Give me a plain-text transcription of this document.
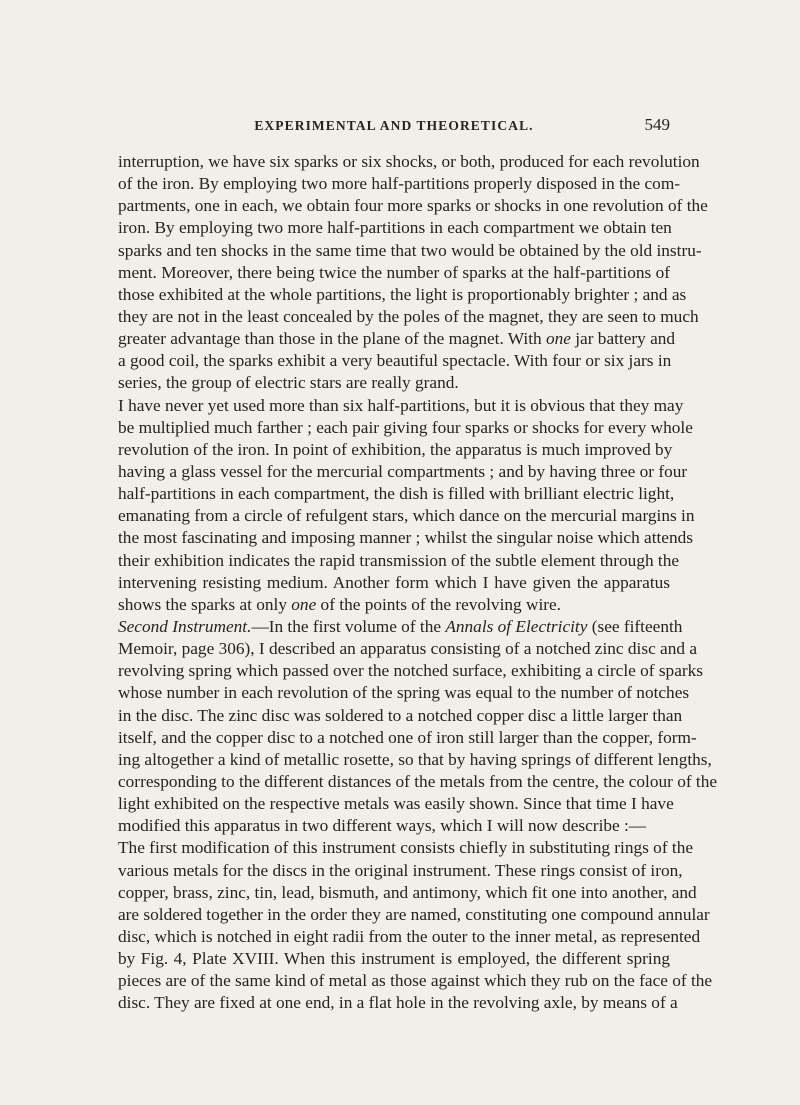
EXPERIMENTAL AND THEORETICAL.	549
interruption, we have six sparks or six shocks, or both, produced for each revolution
of the iron. By employing two more half-partitions properly disposed in the com-
partments, one in each, we obtain four more sparks or shocks in one revolution of the
iron. By employing two more half-partitions in each compartment we obtain ten
sparks and ten shocks in the same time that two would be obtained by the old instru-
ment. Moreover, there being twice the number of sparks at the half-partitions of
those exhibited at the whole partitions, the light is proportionably brighter ; and as
they are not in the least concealed by the poles of the magnet, they are seen to much
greater advantage than those in the plane of the magnet. With one jar battery and
a good coil, the sparks exhibit a very beautiful spectacle. With four or six jars in
series, the group of electric stars are really grand.
I have never yet used more than six half-partitions, but it is obvious that they may
be multiplied much farther ; each pair giving four sparks or shocks for every whole
revolution of the iron. In point of exhibition, the apparatus is much improved by
having a glass vessel for the mercurial compartments ; and by having three or four
half-partitions in each compartment, the dish is filled with brilliant electric light,
emanating from a circle of refulgent stars, which dance on the mercurial margins in
the most fascinating and imposing manner ; whilst the singular noise which attends
their exhibition indicates the rapid transmission of the subtle element through the
intervening resisting medium. Another form which I have given the apparatus
shows the sparks at only one of the points of the revolving wire.
Second Instrument.—In the first volume of the Annals of Electricity (see fifteenth
Memoir, page 306), I described an apparatus consisting of a notched zinc disc and a
revolving spring which passed over the notched surface, exhibiting a circle of sparks
whose number in each revolution of the spring was equal to the number of notches
in the disc. The zinc disc was soldered to a notched copper disc a little larger than
itself, and the copper disc to a notched one of iron still larger than the copper, form-
ing altogether a kind of metallic rosette, so that by having springs of different lengths,
corresponding to the different distances of the metals from the centre, the colour of the
light exhibited on the respective metals was easily shown. Since that time I have
modified this apparatus in two different ways, which I will now describe :—
The first modification of this instrument consists chiefly in substituting rings of the
various metals for the discs in the original instrument. These rings consist of iron,
copper, brass, zinc, tin, lead, bismuth, and antimony, which fit one into another, and
are soldered together in the order they are named, constituting one compound annular
disc, which is notched in eight radii from the outer to the inner metal, as represented
by Fig. 4, Plate XVIII. When this instrument is employed, the different spring
pieces are of the same kind of metal as those against which they rub on the face of the
disc. They are fixed at one end, in a flat hole in the revolving axle, by means of a
